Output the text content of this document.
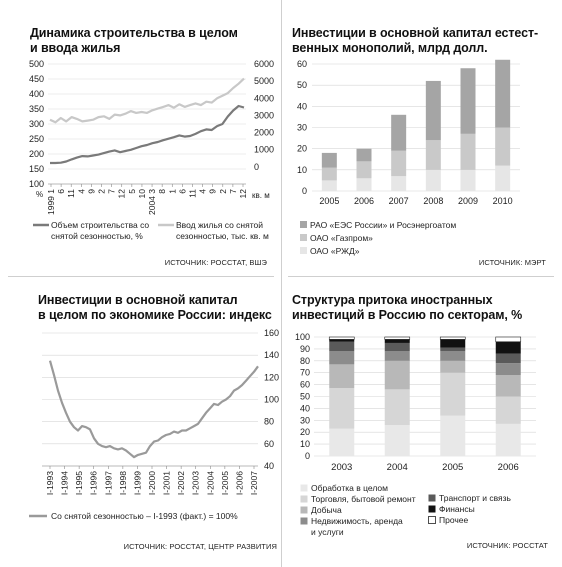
Динамика строительства в целом
и ввода жилья
500
450
400
350
300
250
200
150
100
6000
5000
4000
3000
2000
1000
0
%	кв. м
1999 1 6 11 4 9 2 7 12 5 10 2004 3 8 1 6 11 4 9 2 7 12
Объем строительства со
снятой сезонностью, %
Ввод жилья со снятой
сезонностью, тыс. кв. м
ИСТОЧНИК: РОССТАТ, ВШЭ
Инвестиции в основной капитал естест-
венных монополий, млрд долл.
60
50
40
30
20
10
0
2005 2006 2007 2008 2009 2010
РАО «ЕЭС России» и Росэнергоатом
ОАО «Газпром»
ОАО «РЖД»
ИСТОЧНИК: МЭРТ
Инвестиции в основной капитал
в целом по экономике России: индекс
160
140
120
100
80
60
40
I-1993 I-1994 I-1995 I-1996 I-1997 I-1998 I-1999 I-2000 I-2001 I-2002 I-2003 I-2004 I-2005 I-2006 I-2007
Со снятой сезонностью – I-1993 (факт.) = 100%
ИСТОЧНИК: РОССТАТ, ЦЕНТР РАЗВИТИЯ
Структура притока иностранных
инвестиций в Россию по секторам, %
100
90
80
70
60
50
40
30
20
10
0
2003	2004	2005	2006
Обработка в целом
Торговля, бытовой ремонт
Добыча
Недвижимость, аренда
и услуги
Транспорт и связь
Финансы
Прочее
ИСТОЧНИК: РОССТАТ
